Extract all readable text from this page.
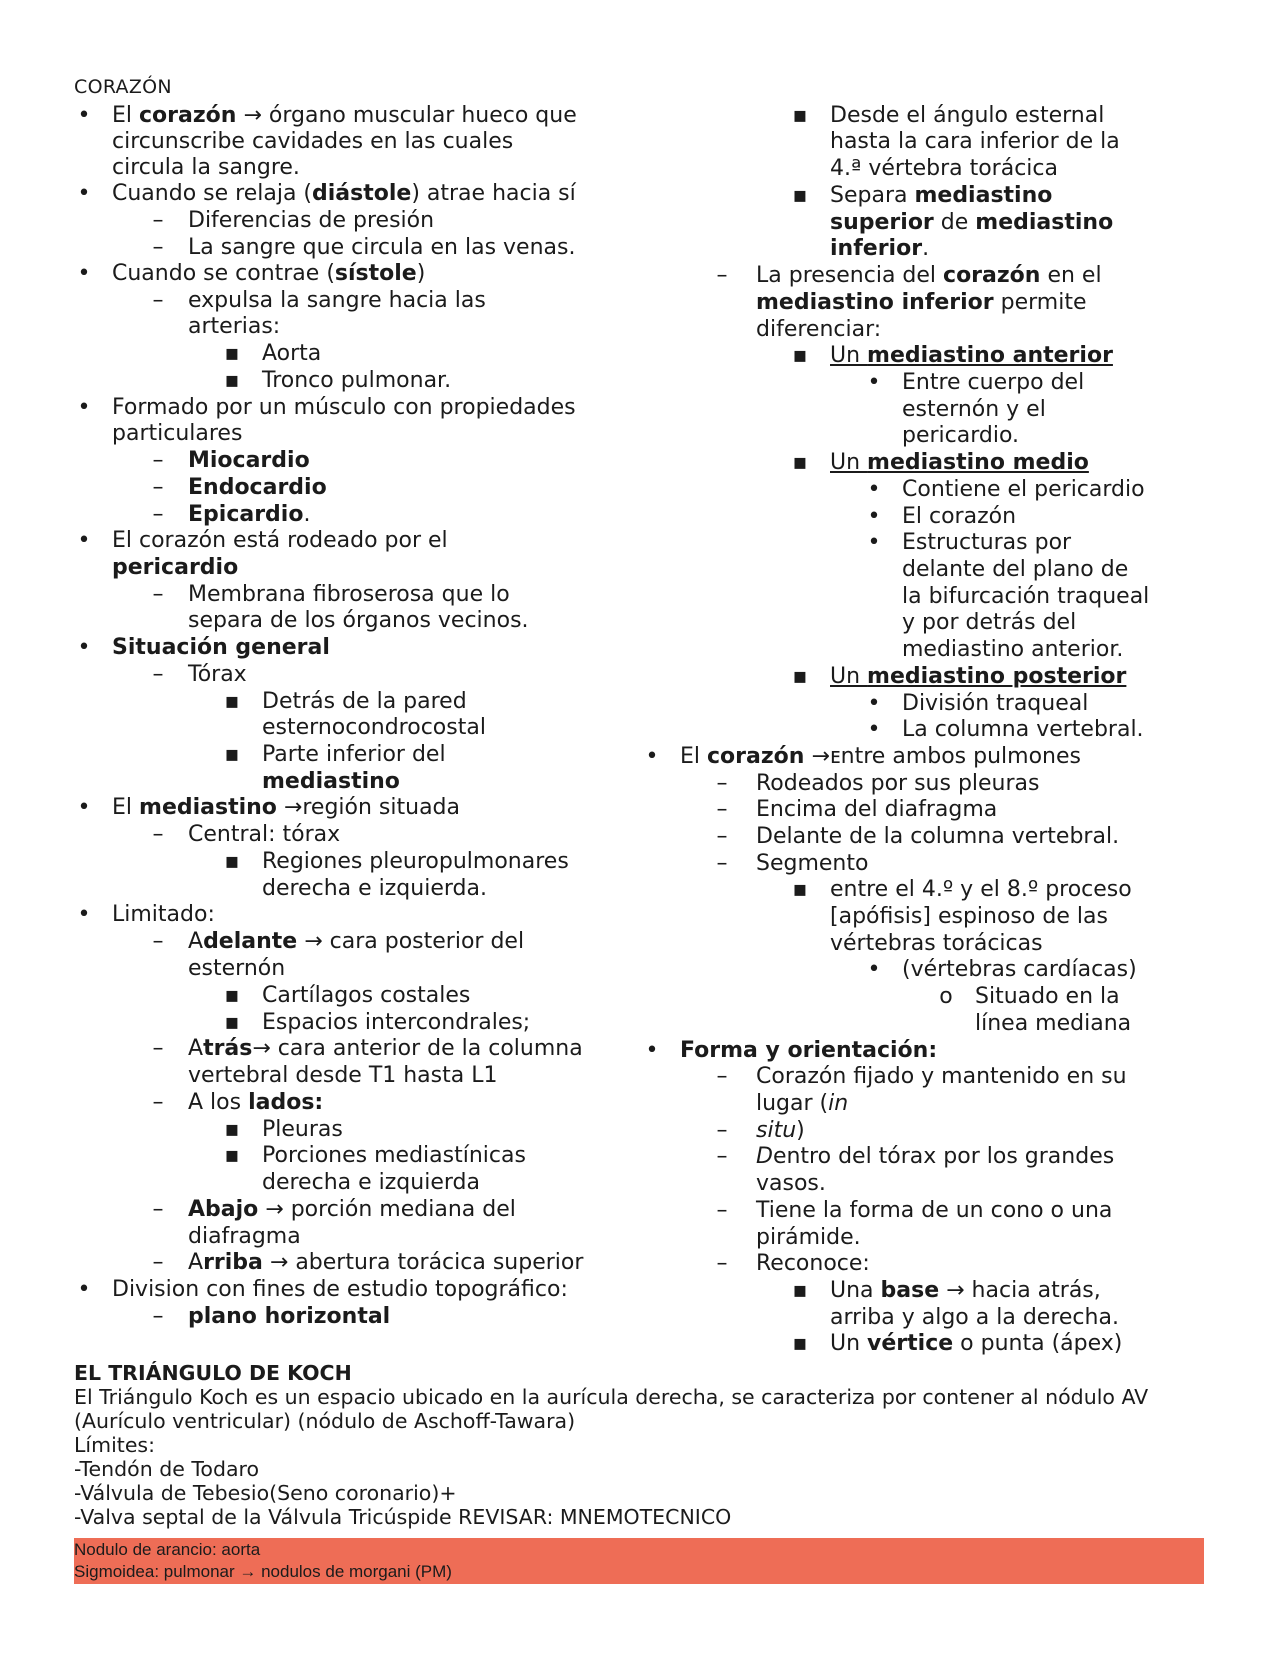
CORAZÓN
• El corazón → órgano muscular hueco que
circunscribe cavidades en las cuales
circula la sangre.
• Cuando se relaja (diástole) atrae hacia sí
– Diferencias de presión
– La sangre que circula en las venas.
• Cuando se contrae (sístole)
– expulsa la sangre hacia las
arterias:
▪ Aorta
▪ Tronco pulmonar.
• Formado por un músculo con propiedades
particulares
– Miocardio
– Endocardio
– Epicardio.
• El corazón está rodeado por el
pericardio
– Membrana fibroserosa que lo
separa de los órganos vecinos.
• Situación general
– Tórax
▪ Detrás de la pared
esternocondrocostal
▪ Parte inferior del
mediastino
• El mediastino →región situada
– Central: tórax
▪ Regiones pleuropulmonares
derecha e izquierda.
• Limitado:
– Adelante → cara posterior del
esternón
▪ Cartílagos costales
▪ Espacios intercondrales;
– Atrás→ cara anterior de la columna
vertebral desde T1 hasta L1
– A los lados:
▪ Pleuras
▪ Porciones mediastínicas
derecha e izquierda
– Abajo → porción mediana del
diafragma
– Arriba → abertura torácica superior
• Division con fines de estudio topográfico:
– plano horizontal
▪ Desde el ángulo esternal
hasta la cara inferior de la
4.ª vértebra torácica
▪ Separa mediastino
superior de mediastino
inferior.
– La presencia del corazón en el
mediastino inferior permite
diferenciar:
▪ Un mediastino anterior
• Entre cuerpo del
esternón y el
pericardio.
▪ Un mediastino medio
• Contiene el pericardio
• El corazón
• Estructuras por
delante del plano de
la bifurcación traqueal
y por detrás del
mediastino anterior.
▪ Un mediastino posterior
• División traqueal
• La columna vertebral.
• El corazón →ᴇntre ambos pulmones
– Rodeados por sus pleuras
– Encima del diafragma
– Delante de la columna vertebral.
– Segmento
▪ entre el 4.º y el 8.º proceso
[apófisis] espinoso de las
vértebras torácicas
• (vértebras cardíacas)
o Situado en la
línea mediana
• Forma y orientación:
– Corazón fijado y mantenido en su
lugar (in
– situ)
– Dentro del tórax por los grandes
vasos.
– Tiene la forma de un cono o una
pirámide.
– Reconoce:
▪ Una base → hacia atrás,
arriba y algo a la derecha.
▪ Un vértice o punta (ápex)
EL TRIÁNGULO DE KOCH
El Triángulo Koch es un espacio ubicado en la aurícula derecha, se caracteriza por contener al nódulo AV
(Aurículo ventricular) (nódulo de Aschoff-Tawara)
Límites:
-Tendón de Todaro
-Válvula de Tebesio(Seno coronario)+
-Valva septal de la Válvula Tricúspide REVISAR: MNEMOTECNICO
Nodulo de arancio: aorta
Sigmoidea: pulmonar → nodulos de morgani (PM)
